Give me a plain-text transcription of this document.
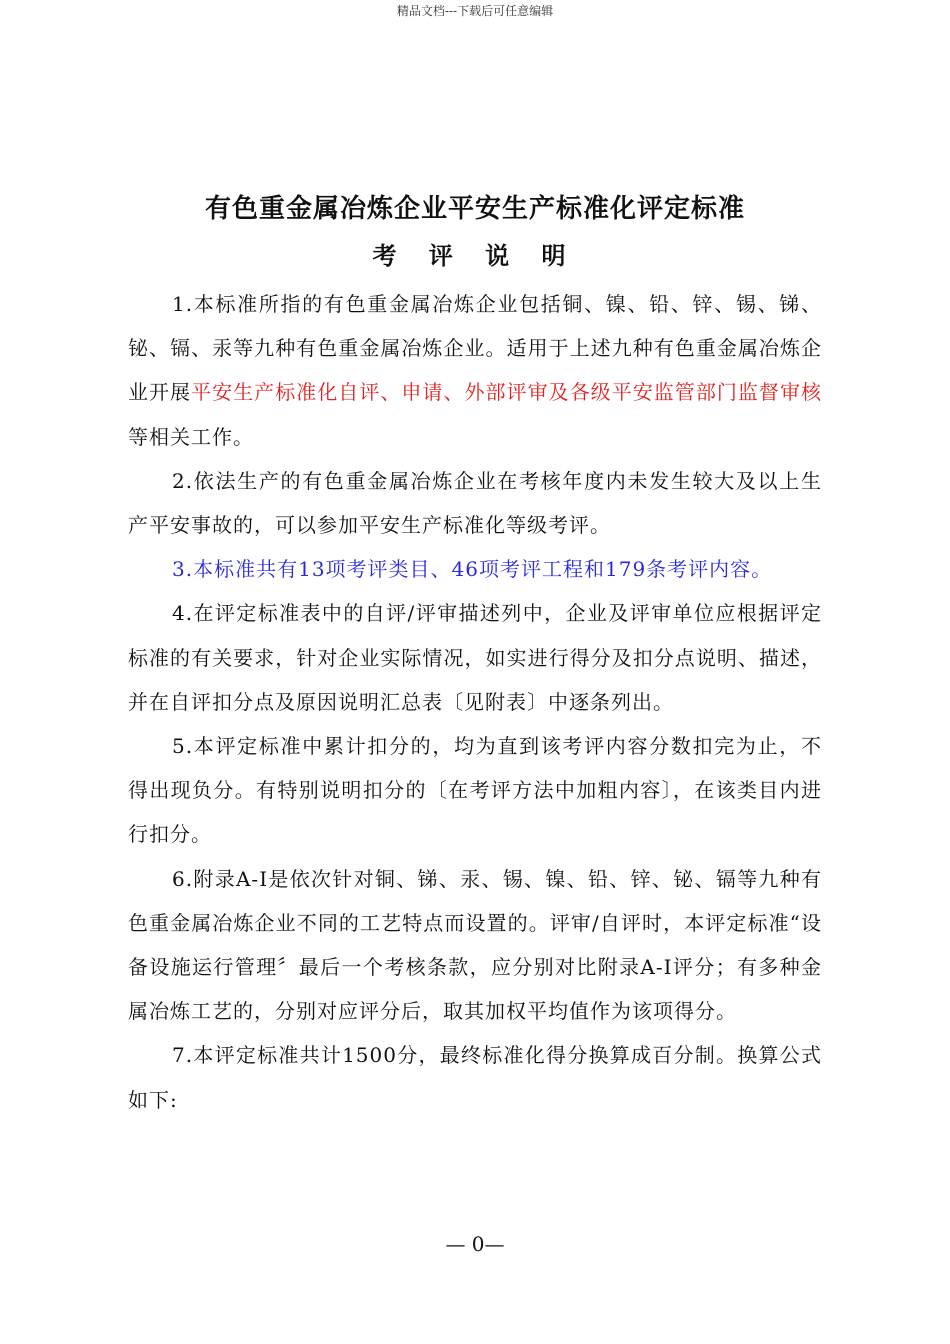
精品文档---下载后可任意编辑
有色重金属冶炼企业平安生产标准化评定标准
考 评 说 明

1.本标准所指的有色重金属冶炼企业包括铜、镍、铅、锌、锡、锑、铋、镉、汞等九种有色重金属冶炼企业。适用于上述九种有色重金属冶炼企业开展平安生产标准化自评、申请、外部评审及各级平安监管部门监督审核等相关工作。

2.依法生产的有色重金属冶炼企业在考核年度内未发生较大及以上生产平安事故的，可以参加平安生产标准化等级考评。

3.本标准共有13项考评类目、46项考评工程和179条考评内容。

4.在评定标准表中的自评/评审描述列中，企业及评审单位应根据评定标准的有关要求，针对企业实际情况，如实进行得分及扣分点说明、描述，并在自评扣分点及原因说明汇总表〔见附表〕中逐条列出。

5.本评定标准中累计扣分的，均为直到该考评内容分数扣完为止，不得出现负分。有特别说明扣分的〔在考评方法中加粗内容〕，在该类目内进行扣分。

6.附录A-I是依次针对铜、锑、汞、锡、镍、铅、锌、铋、镉等九种有色重金属冶炼企业不同的工艺特点而设置的。评审/自评时，本评定标准“设备设施运行管理〞最后一个考核条款，应分别对比附录A-I评分；有多种金属冶炼工艺的，分别对应评分后，取其加权平均值作为该项得分。

7.本评定标准共计1500分，最终标准化得分换算成百分制。换算公式如下:

— 0—
